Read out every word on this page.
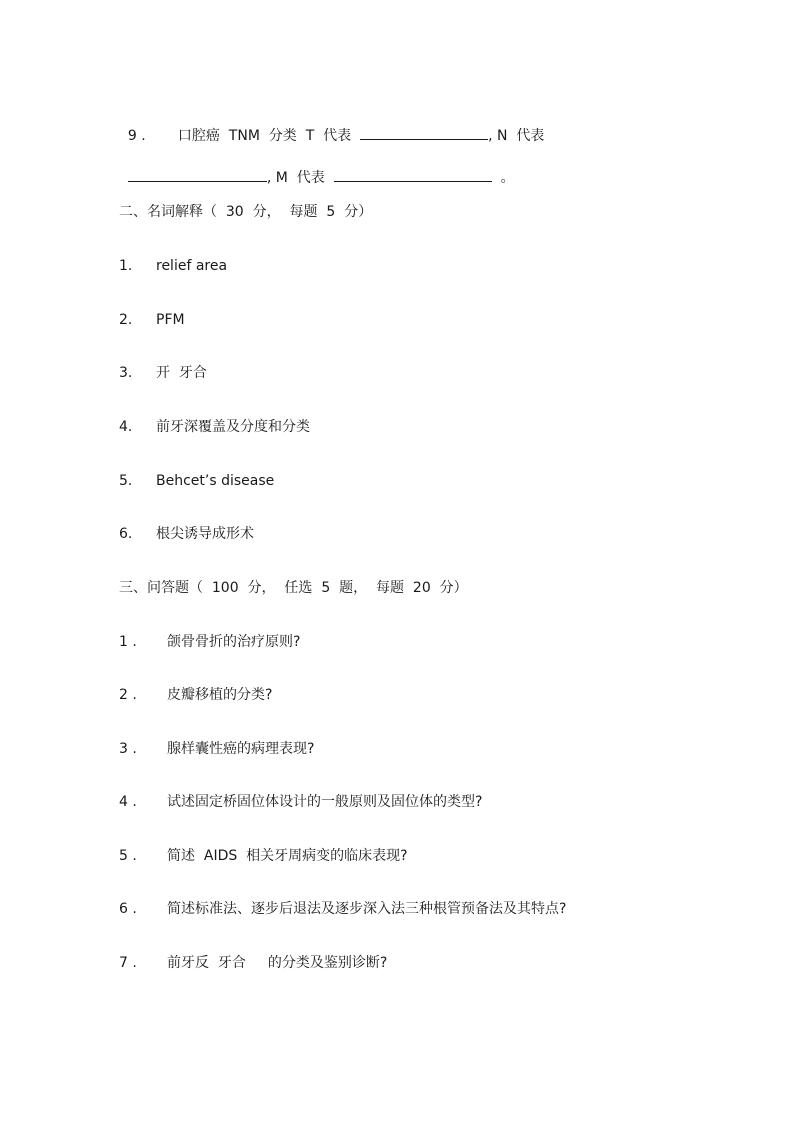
9 . 口腔癌  TNM  分类  T  代表	, N  代表

, M  代表	。

二、名词解释（  30  分，  每题  5  分）
1. relief area
2. PFM
3. 开  牙合
4. 前牙深覆盖及分度和分类
5. Behcet’s disease
6. 根尖诱导成形术
三、问答题（  100  分，  任选  5  题，  每题  20  分）
1 . 颌骨骨折的治疗原则?
2 . 皮瓣移植的分类?
3 . 腺样囊性癌的病理表现?
4 . 试述固定桥固位体设计的一般原则及固位体的类型?
5 . 简述  AIDS  相关牙周病变的临床表现?
6 . 简述标准法、逐步后退法及逐步深入法三种根管预备法及其特点?
7 . 前牙反  牙合 的分类及鉴别诊断?
